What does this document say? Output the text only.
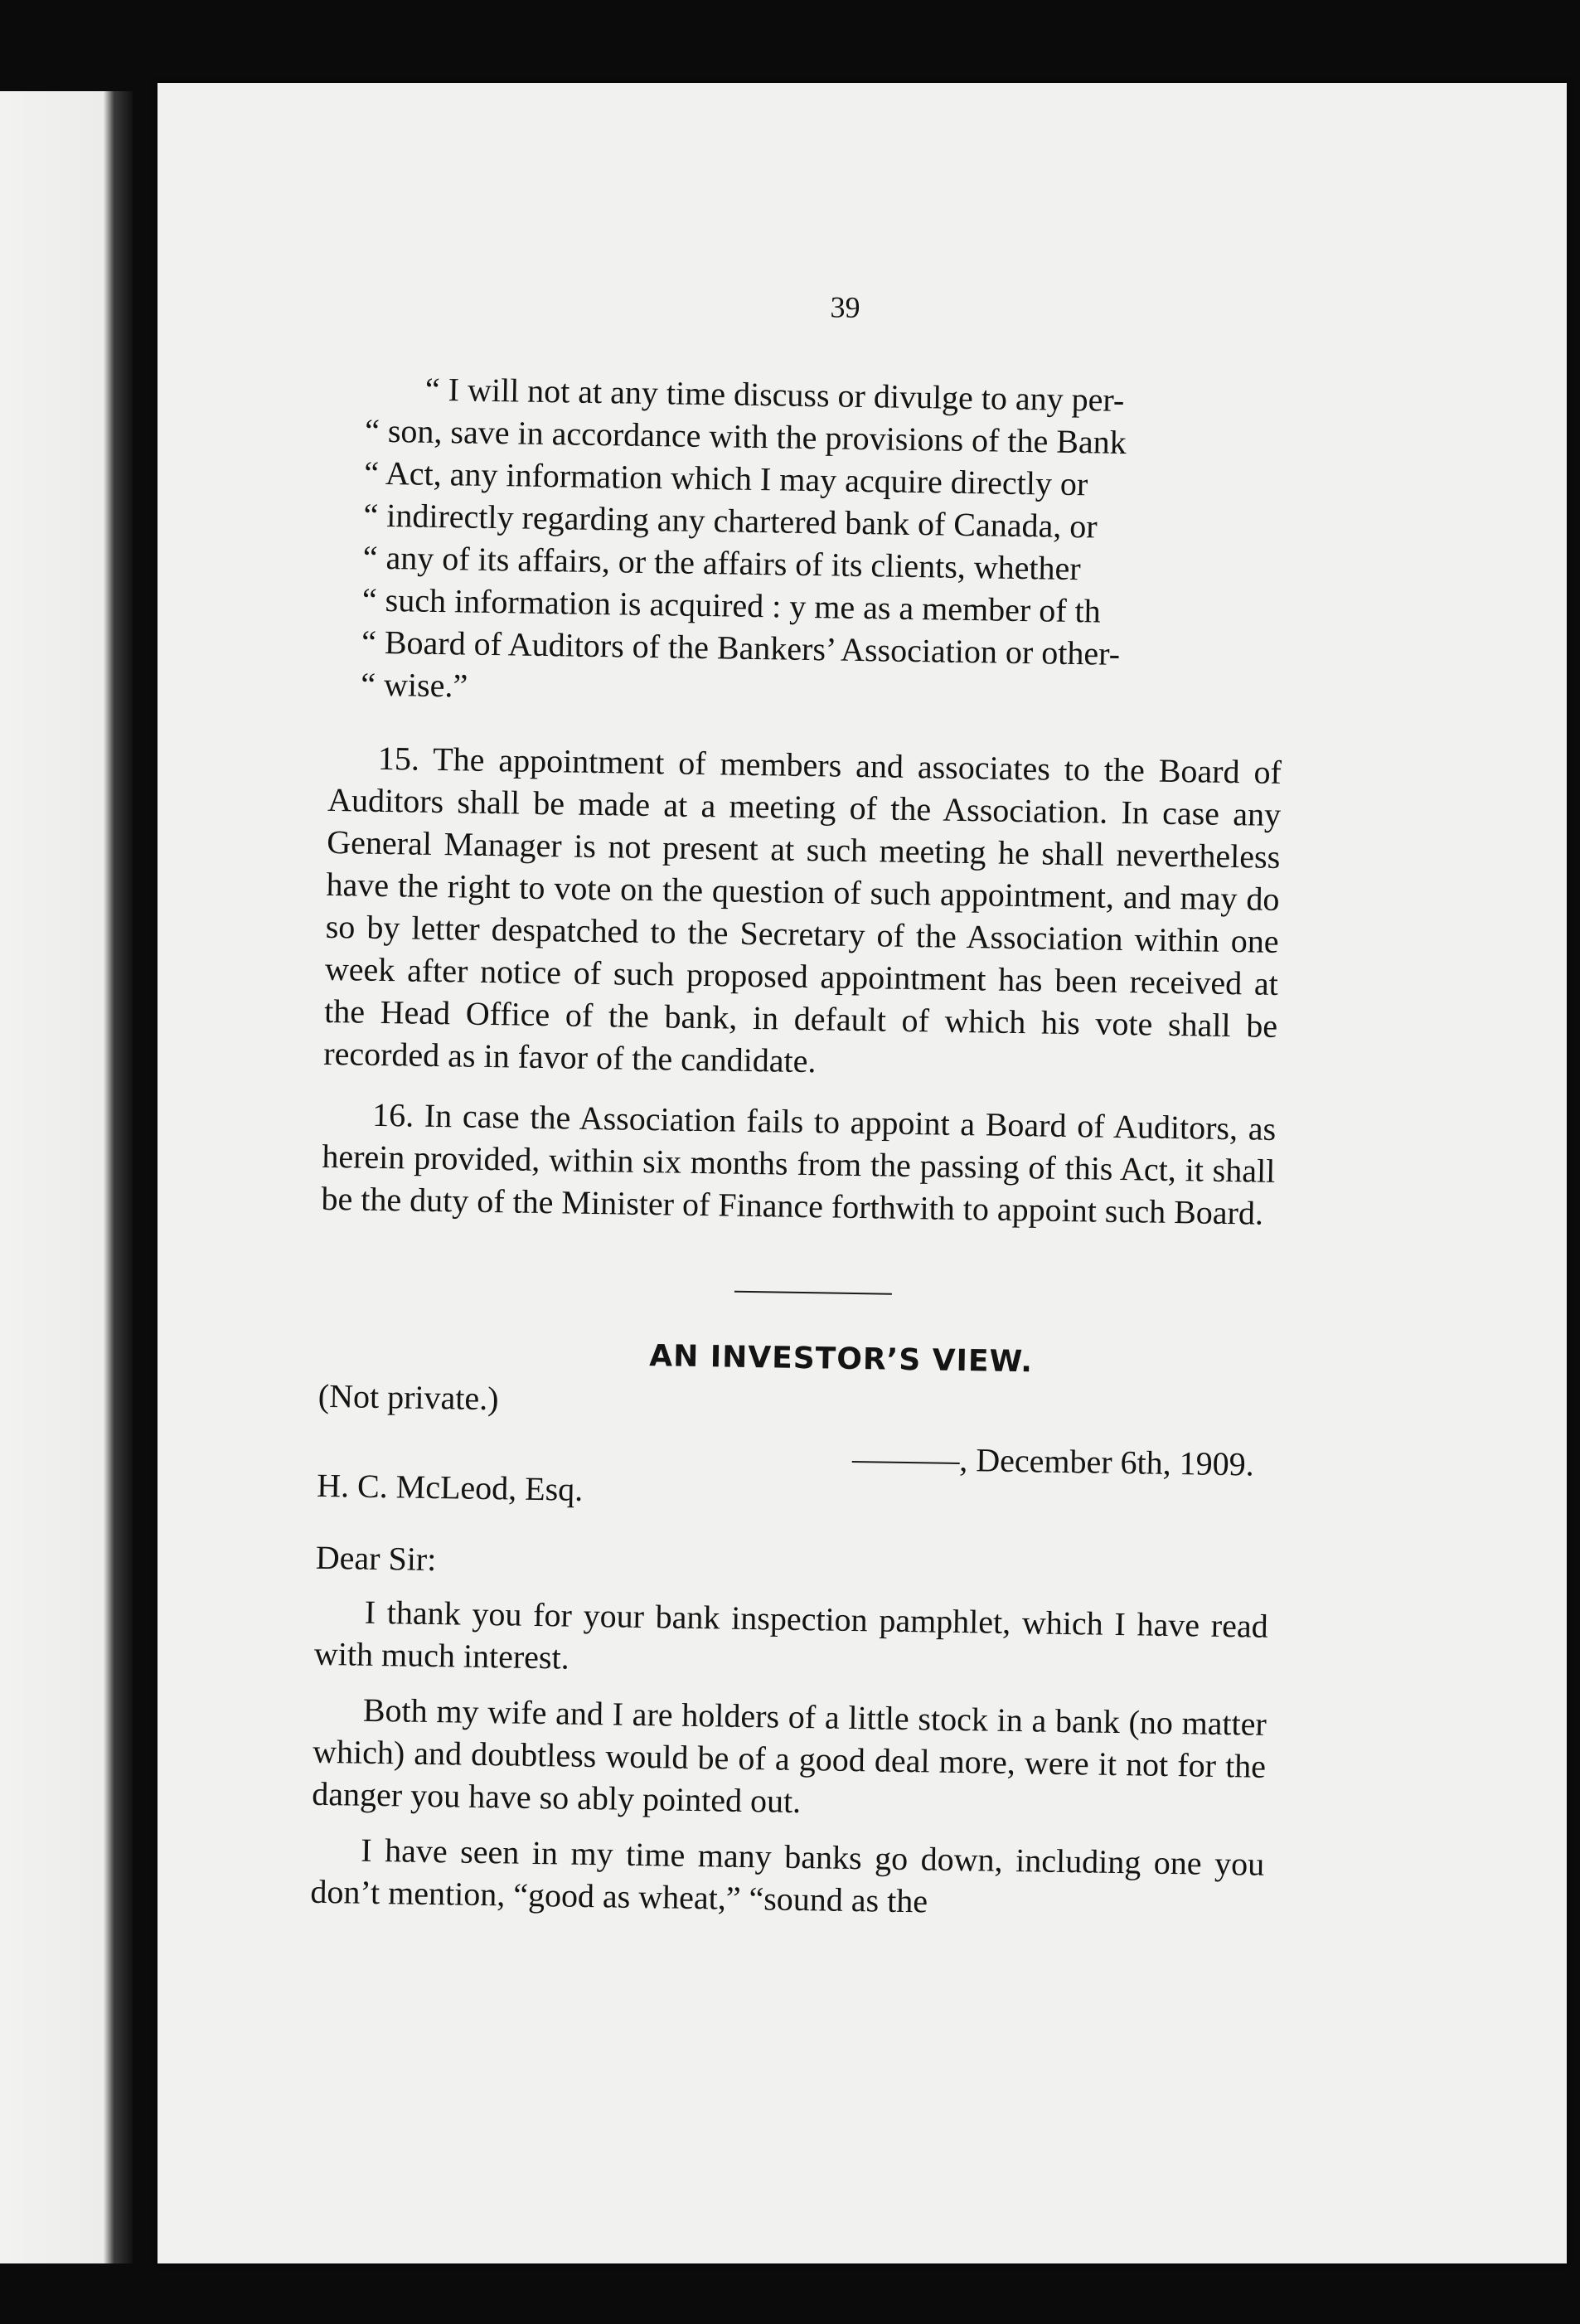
39

“ I will not at any time discuss or divulge to any per-

“ son, save in accordance with the provisions of the Bank

“ Act, any information which I may acquire directly or

“ indirectly regarding any chartered bank of Canada, or

“ any of its affairs, or the affairs of its clients, whether

“ such information is acquired : y me as a member of th

“ Board of Auditors of the Bankers’ Association or other-

“ wise.”

15. The appointment of members and associates to the Board of Auditors shall be made at a meeting of the Association. In case any General Manager is not present at such meeting he shall nevertheless have the right to vote on the question of such appointment, and may do so by letter despatched to the Secretary of the Association within one week after notice of such proposed appointment has been received at the Head Office of the bank, in default of which his vote shall be recorded as in favor of the candidate.

16. In case the Association fails to appoint a Board of Auditors, as herein provided, within six months from the passing of this Act, it shall be the duty of the Minister of Finance forthwith to appoint such Board.

AN INVESTOR’S VIEW.
(Not private.)
, December 6th, 1909.
H. C. McLeod, Esq.
Dear Sir:

I thank you for your bank inspection pamphlet, which I have read with much interest.

Both my wife and I are holders of a little stock in a bank (no matter which) and doubtless would be of a good deal more, were it not for the danger you have so ably pointed out.

I have seen in my time many banks go down, including one you don’t mention, “good as wheat,” “sound as the
